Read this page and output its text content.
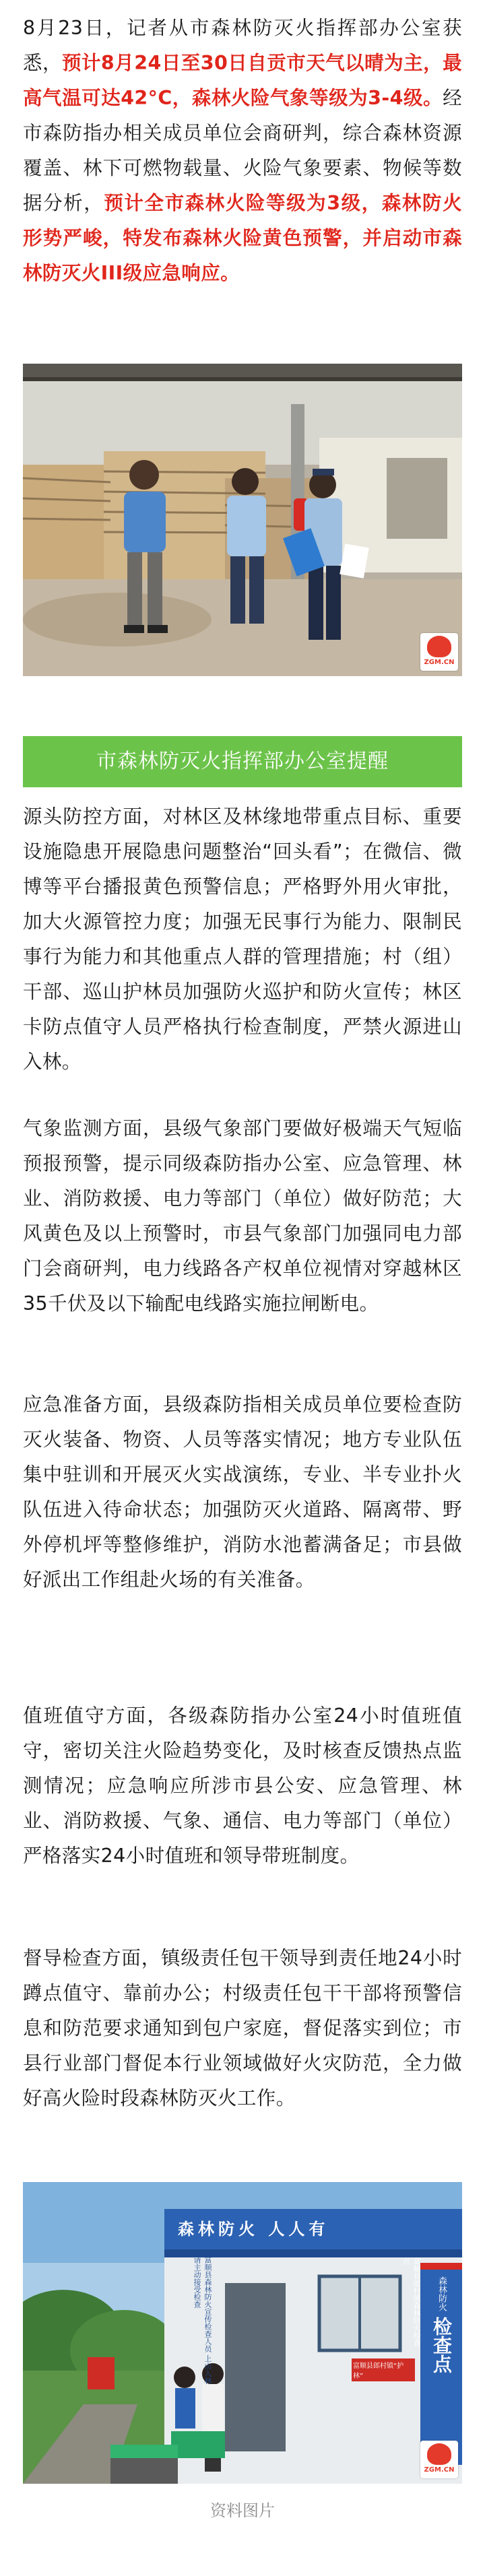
8月23日，记者从市森林防灭火指挥部办公室获悉，预计8月24日至30日自贡市天气以晴为主，最高气温可达42°C，森林火险气象等级为3-4级。经市森防指办相关成员单位会商研判，综合森林资源覆盖、林下可燃物载量、火险气象要素、物候等数据分析，预计全市森林火险等级为3级，森林防火形势严峻，特发布森林火险黄色预警，并启动市森林防灭火III级应急响应。

ZGM.CN
市森林防灭火指挥部办公室提醒

源头防控方面，对林区及林缘地带重点目标、重要设施隐患开展隐患问题整治“回头看”；在微信、微博等平台播报黄色预警信息；严格野外用火审批，加大火源管控力度；加强无民事行为能力、限制民事行为能力和其他重点人群的管理措施；村（组）干部、巡山护林员加强防火巡护和防火宣传；林区卡防点值守人员严格执行检查制度，严禁火源进山入林。

气象监测方面，县级气象部门要做好极端天气短临预报预警，提示同级森防指办公室、应急管理、林业、消防救援、电力等部门（单位）做好防范；大风黄色及以上预警时，市县气象部门加强同电力部门会商研判，电力线路各产权单位视情对穿越林区35千伏及以下输配电线路实施拉闸断电。

应急准备方面，县级森防指相关成员单位要检查防灭火装备、物资、人员等落实情况；地方专业队伍集中驻训和开展灭火实战演练，专业、半专业扑火队伍进入待命状态；加强防灭火道路、隔离带、野外停机坪等整修维护，消防水池蓄满备足；市县做好派出工作组赴火场的有关准备。

值班值守方面，各级森防指办公室24小时值班值守，密切关注火险趋势变化，及时核查反馈热点监测情况；应急响应所涉市县公安、应急管理、林业、消防救援、气象、通信、电力等部门（单位）严格落实24小时值班和领导带班制度。

督导检查方面，镇级责任包干领导到责任地24小时蹲点值守、靠前办公；村级责任包干干部将预警信息和防范要求通知到包户家庭，督促落实到位；市县行业部门督促本行业领域做好火灾防范，全力做好高火险时段森林防灭火工作。

森林防火 人人有
森林防火
检查点
富顺县郎村镇森林防火检查点
富顺县郎村镇“护林”
富顺县森林防火宣传检查人员 上山入林请主动接受检查
ZGM.CN
资料图片
